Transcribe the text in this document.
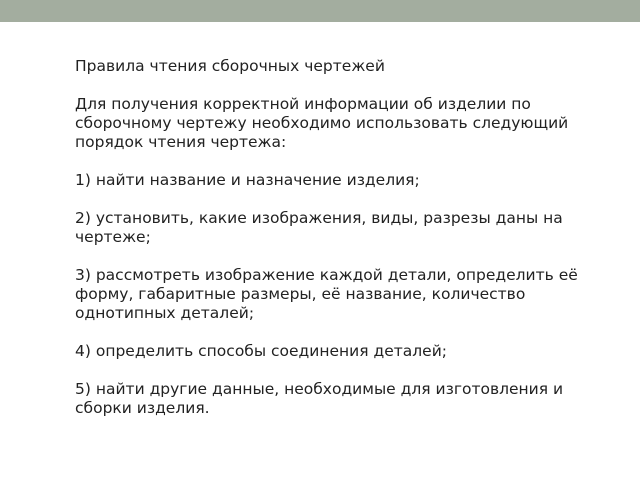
Правила чтения сборочных чертежей

Для получения корректной информации об изделии по сборочному чертежу необходимо использовать следующий порядок чтения чертежа:

1) найти название и назначение изделия;

2) установить, какие изображения, виды, разрезы даны на чертеже;

3) рассмотреть изображение каждой детали, определить её форму, габаритные размеры, её название, количество однотипных деталей;

4) определить способы соединения деталей;

5) найти другие данные, необходимые для изготовления и сборки изделия.
